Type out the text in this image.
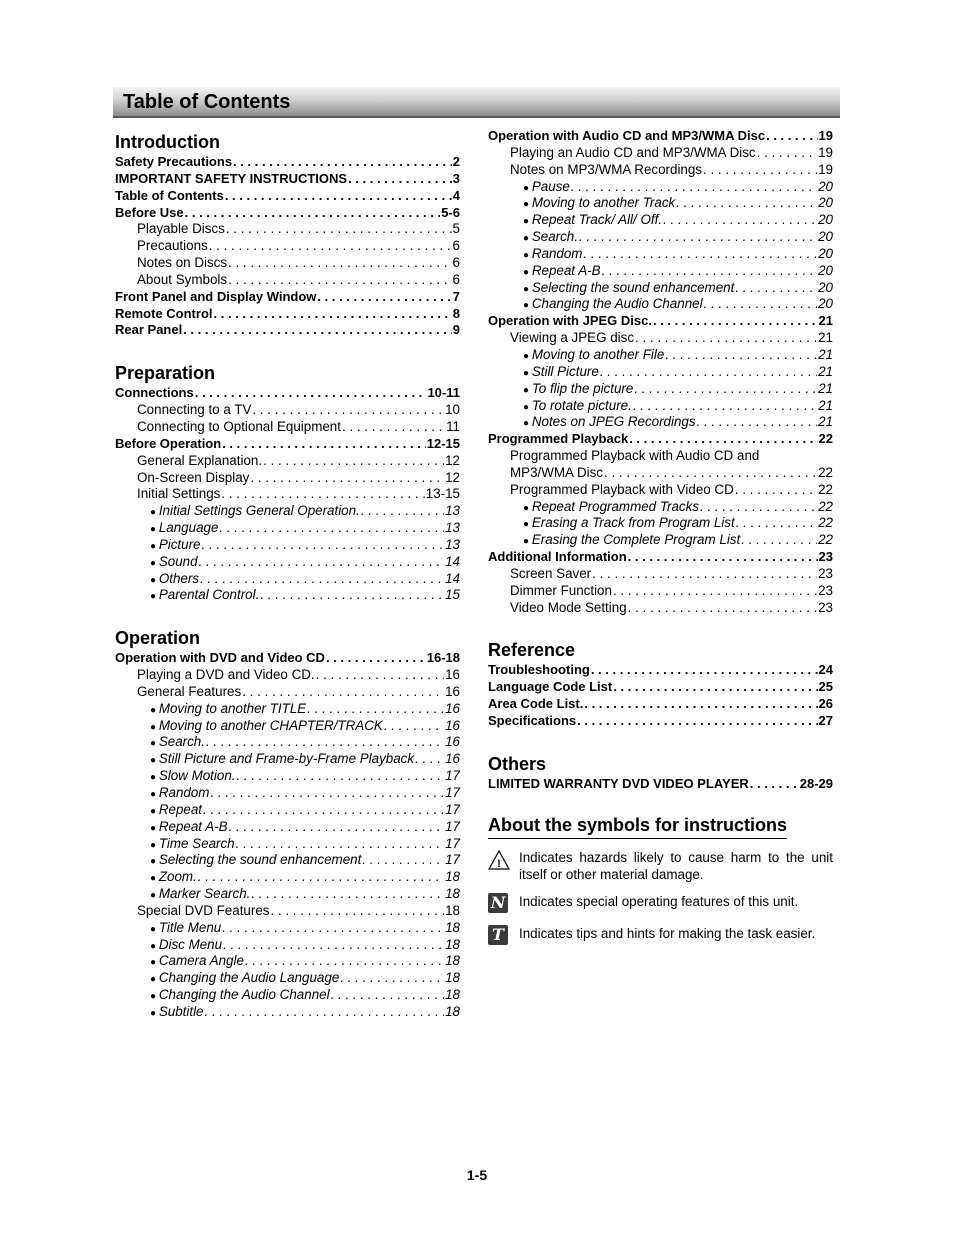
Table of Contents
Introduction
Safety Precautions . . .	2
IMPORTANT SAFETY INSTRUCTIONS . . .	3
Table of Contents . . .	4
Before Use . . .	5-6
Playable Discs . . .	5
Precautions . . .	6
Notes on Discs . . .	6
About Symbols . . .	6
Front Panel and Display Window . . .	7
Remote Control . . .	8
Rear Panel . . .	9
Preparation
Connections . . .	10-11
Connecting to a TV . . .	10
Connecting to Optional Equipment . . .	11
Before Operation . . .	12-15
General Explanation. . . .	12
On-Screen Display . . .	12
Initial Settings . . .	13-15
● Initial Settings General Operation. . . .	13
● Language . . .	13
● Picture . . .	13
● Sound . . .	14
● Others . . .	14
● Parental Control. . . .	15
Operation
Operation with DVD and Video CD . . .	16-18
Playing a DVD and Video CD. . . .	16
General Features . . .	16
● Moving to another TITLE . . .	16
● Moving to another CHAPTER/TRACK . . .	16
● Search. . . .	16
● Still Picture and Frame-by-Frame Playback . . . 16
● Slow Motion. . . .	17
● Random . . .	17
● Repeat . . .	17
● Repeat A-B . . .	17
● Time Search . . .	17
● Selecting the sound enhancement . . .	17
● Zoom. . . .	18
● Marker Search. . . .	18
Special DVD Features . . .	18
● Title Menu . . .	18
● Disc Menu . . .	18
● Camera Angle . . .	18
● Changing the Audio Language . . .	18
● Changing the Audio Channel . . .	18
● Subtitle . . .	18
Operation with Audio CD and MP3/WMA Disc . . .	19
Playing an Audio CD and MP3/WMA Disc . . .	19
Notes on MP3/WMA Recordings . . .	19
● Pause . . .	20
● Moving to another Track . . .	20
● Repeat Track/ All/ Off. . . .	20
● Search. . . .	20
● Random . . .	20
● Repeat A-B . . .	20
● Selecting the sound enhancement . . .	20
● Changing the Audio Channel . . .	20
Operation with JPEG Disc. . . .	21
Viewing a JPEG disc . . .	21
● Moving to another File . . .	21
● Still Picture . . .	21
● To flip the picture . . .	21
● To rotate picture. . . .	21
● Notes on JPEG Recordings . . .	21
Programmed Playback . . .	22
Programmed Playback with Audio CD and
MP3/WMA Disc . . .	22
Programmed Playback with Video CD . . .	22
● Repeat Programmed Tracks . . .	22
● Erasing a Track from Program List . . .	22
● Erasing the Complete Program List . . .	22
Additional Information . . .	23
Screen Saver . . .	23
Dimmer Function . . .	23
Video Mode Setting . . .	23
Reference
Troubleshooting . . .	24
Language Code List . . .	25
Area Code List. . . .	26
Specifications . . .	27
Others
LIMITED WARRANTY DVD VIDEO PLAYER . . .	28-29
About the symbols for instructions
! Indicates hazards likely to cause harm to the unit itself or other material damage.
N Indicates special operating features of this unit.
T	Indicates tips and hints for making the task easier.
1-5
